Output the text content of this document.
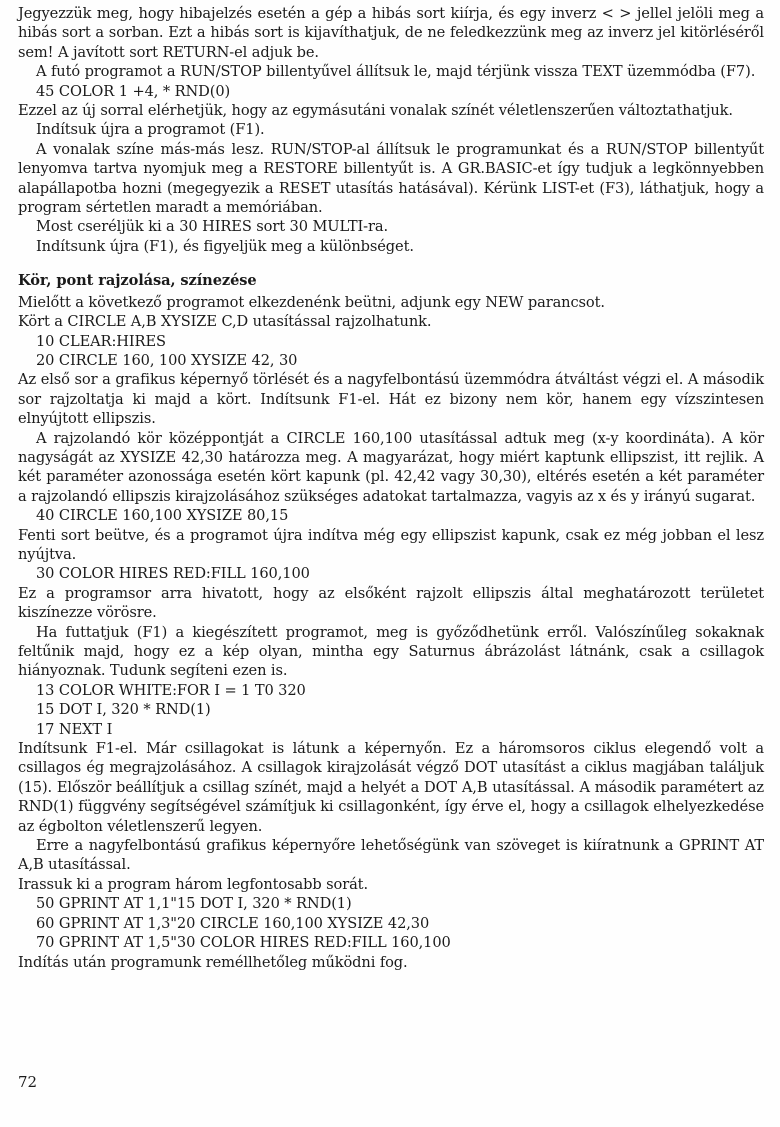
Jegyezzük meg, hogy hibajelzés esetén a gép a hibás sort kiírja, és egy inverz < > jellel jelöli meg a hibás sort a sorban. Ezt a hibás sort is kijavíthatjuk, de ne feledkezzünk meg az inverz jel kitörléséről sem! A javított sort RETURN-el adjuk be.

A futó programot a RUN/STOP billentyűvel állítsuk le, majd térjünk vissza TEXT üzemmódba (F7).

45 COLOR 1 +4, * RND(0)

Ezzel az új sorral elérhetjük, hogy az egymásutáni vonalak színét véletlenszerűen változtathatjuk.

Indítsuk újra a programot (F1).

A vonalak színe más-más lesz. RUN/STOP-al állítsuk le programunkat és a RUN/STOP billentyűt lenyomva tartva nyomjuk meg a RESTORE billentyűt is. A GR.BASIC-et így tudjuk a legkönnyebben alapállapotba hozni (megegyezik a RESET utasítás hatásával). Kérünk LIST-et (F3), láthatjuk, hogy a program sértetlen maradt a memóriában.

Most cseréljük ki a 30 HIRES sort 30 MULTI-ra.

Indítsunk újra (F1), és figyeljük meg a különbséget.

Kör, pont rajzolása, színezése

Mielőtt a következő programot elkezdenénk beütni, adjunk egy NEW parancsot.

Kört a CIRCLE A,B XYSIZE C,D utasítással rajzolhatunk.

10 CLEAR:HIRES

20 CIRCLE 160, 100 XYSIZE 42, 30

Az első sor a grafikus képernyő törlését és a nagyfelbontású üzemmódra átváltást végzi el. A második sor rajzoltatja ki majd a kört. Indítsunk F1-el. Hát ez bizony nem kör, hanem egy vízszintesen elnyújtott ellipszis.

A rajzolandó kör középpontját a CIRCLE 160,100 utasítással adtuk meg (x-y koordináta). A kör nagyságát az XYSIZE 42,30 határozza meg. A magyarázat, hogy miért kaptunk ellipszist, itt rejlik. A két paraméter azonossága esetén kört kapunk (pl. 42,42 vagy 30,30), eltérés esetén a két paraméter a rajzolandó ellipszis kirajzolásához szükséges adatokat tartalmazza, vagyis az x és y irányú sugarat.

40 CIRCLE 160,100 XYSIZE 80,15

Fenti sort beütve, és a programot újra indítva még egy ellipszist kapunk, csak ez még jobban el lesz nyújtva.

30 COLOR HIRES RED:FILL 160,100

Ez a programsor arra hivatott, hogy az elsőként rajzolt ellipszis által meghatározott területet kiszínezze vörösre.

Ha futtatjuk (F1) a kiegészített programot, meg is győződhetünk erről. Valószínűleg sokaknak feltűnik majd, hogy ez a kép olyan, mintha egy Saturnus ábrázolást látnánk, csak a csillagok hiányoznak. Tudunk segíteni ezen is.

13 COLOR WHITE:FOR I = 1 T0 320

15 DOT I, 320 * RND(1)

17 NEXT I

Indítsunk F1-el. Már csillagokat is látunk a képernyőn. Ez a háromsoros ciklus elegendő volt a csillagos ég megrajzolásához. A csillagok kirajzolását végző DOT utasítást a ciklus magjában találjuk (15). Először beállítjuk a csillag színét, majd a helyét a DOT A,B utasítással. A második paramétert az RND(1) függvény segítségével számítjuk ki csillagonként, így érve el, hogy a csillagok elhelyezkedése az égbolton véletlenszerű legyen.

Erre a nagyfelbontású grafikus képernyőre lehetőségünk van szöveget is kiíratnunk a GPRINT AT A,B utasítással.

Irassuk ki a program három legfontosabb sorát.

50 GPRINT AT 1,1"15 DOT I, 320 * RND(1)

60 GPRINT AT 1,3"20 CIRCLE 160,100 XYSIZE 42,30

70 GPRINT AT 1,5"30 COLOR HIRES RED:FILL 160,100

Indítás után programunk reméllhetőleg működni fog.

72
